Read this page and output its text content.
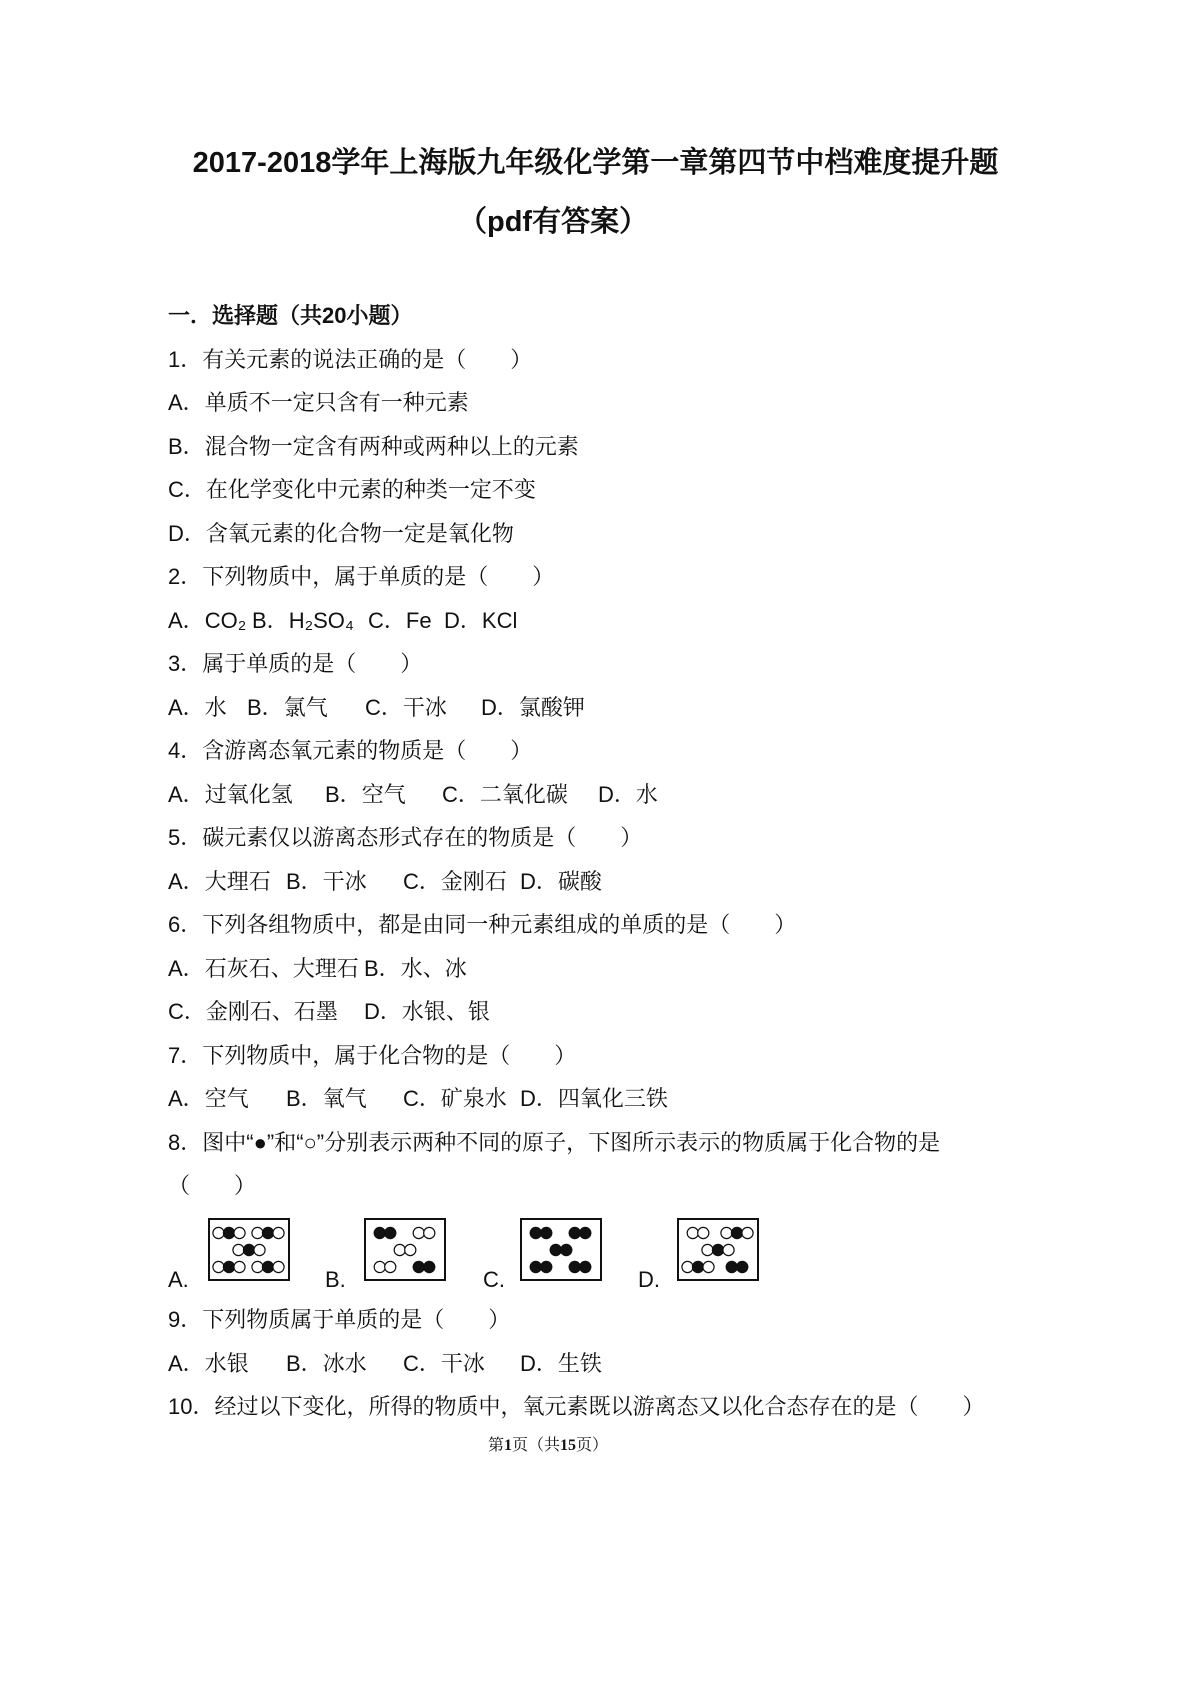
2017-2018学年上海版九年级化学第一章第四节中档难度提升题
（pdf有答案）
一．选择题（共20小题）
1．有关元素的说法正确的是（　　）
A．单质不一定只含有一种元素
B．混合物一定含有两种或两种以上的元素
C．在化学变化中元素的种类一定不变
D．含氧元素的化合物一定是氧化物
2．下列物质中，属于单质的是（　　）
A．CO₂ B．H₂SO₄ C．Fe D．KCl
3．属于单质的是（　　）
A．水 B．氯气 C．干冰 D．氯酸钾
4．含游离态氧元素的物质是（　　）
A．过氧化氢 B．空气 C．二氧化碳 D．水
5．碳元素仅以游离态形式存在的物质是（　　）
A．大理石 B．干冰 C．金刚石 D．碳酸
6．下列各组物质中，都是由同一种元素组成的单质的是（　　）
A．石灰石、大理石 B．水、冰
C．金刚石、石墨 D．水银、银
7．下列物质中，属于化合物的是（　　）
A．空气 B．氧气 C．矿泉水 D．四氧化三铁
8．图中“●”和“○”分别表示两种不同的原子，下图所示表示的物质属于化合物的是
（　　）
A.	B.	C.	D.
9．下列物质属于单质的是（　　）
A．水银 B．冰水 C．干冰 D．生铁
10．经过以下变化，所得的物质中，氧元素既以游离态又以化合态存在的是（　　）
第1页（共15页）
